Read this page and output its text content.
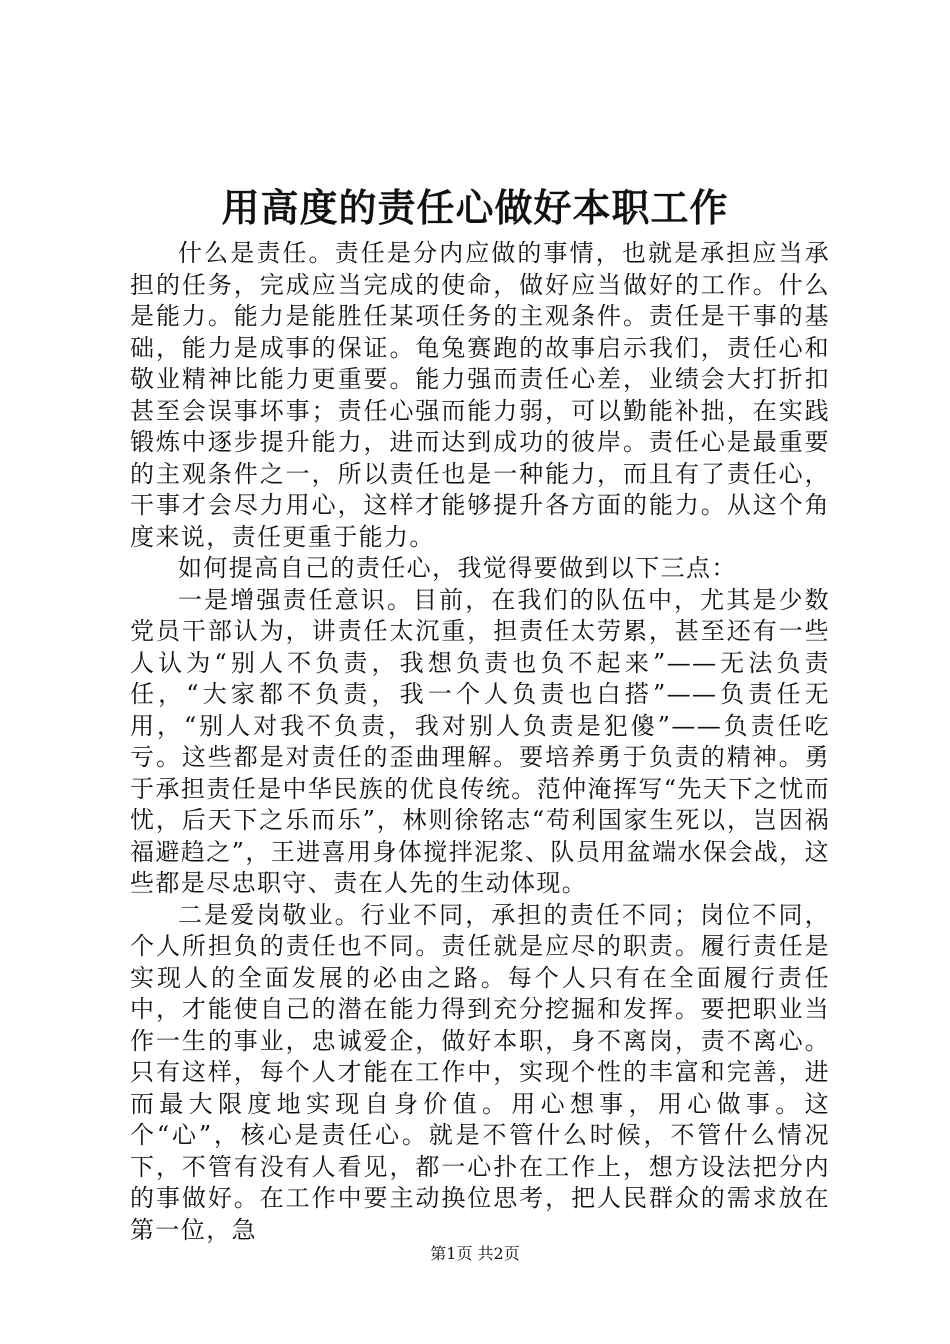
用高度的责任心做好本职工作

什么是责任。责任是分内应做的事情，也就是承担应当承担的任务，完成应当完成的使命，做好应当做好的工作。什么是能力。能力是能胜任某项任务的主观条件。责任是干事的基础，能力是成事的保证。龟兔赛跑的故事启示我们，责任心和敬业精神比能力更重要。能力强而责任心差，业绩会大打折扣甚至会误事坏事；责任心强而能力弱，可以勤能补拙，在实践锻炼中逐步提升能力，进而达到成功的彼岸。责任心是最重要的主观条件之一，所以责任也是一种能力，而且有了责任心，干事才会尽力用心，这样才能够提升各方面的能力。从这个角度来说，责任更重于能力。

如何提高自己的责任心，我觉得要做到以下三点：

一是增强责任意识。目前，在我们的队伍中，尤其是少数党员干部认为，讲责任太沉重，担责任太劳累，甚至还有一些人认为“别人不负责，我想负责也负不起来”——无法负责任，“大家都不负责，我一个人负责也白搭”——负责任无用，“别人对我不负责，我对别人负责是犯傻”——负责任吃亏。这些都是对责任的歪曲理解。要培养勇于负责的精神。勇于承担责任是中华民族的优良传统。范仲淹挥写“先天下之忧而忧，后天下之乐而乐”，林则徐铭志“苟利国家生死以，岂因祸福避趋之”，王进喜用身体搅拌泥浆、队员用盆端水保会战，这些都是尽忠职守、责在人先的生动体现。

二是爱岗敬业。行业不同，承担的责任不同；岗位不同，个人所担负的责任也不同。责任就是应尽的职责。履行责任是实现人的全面发展的必由之路。每个人只有在全面履行责任中，才能使自己的潜在能力得到充分挖掘和发挥。要把职业当作一生的事业，忠诚爱企，做好本职，身不离岗，责不离心。只有这样，每个人才能在工作中，实现个性的丰富和完善，进而最大限度地实现自身价值。用心想事，用心做事。这个“心”，核心是责任心。就是不管什么时候，不管什么情况下，不管有没有人看见，都一心扑在工作上，想方设法把分内的事做好。在工作中要主动换位思考，把人民群众的需求放在第一位，急

第1页 共2页
